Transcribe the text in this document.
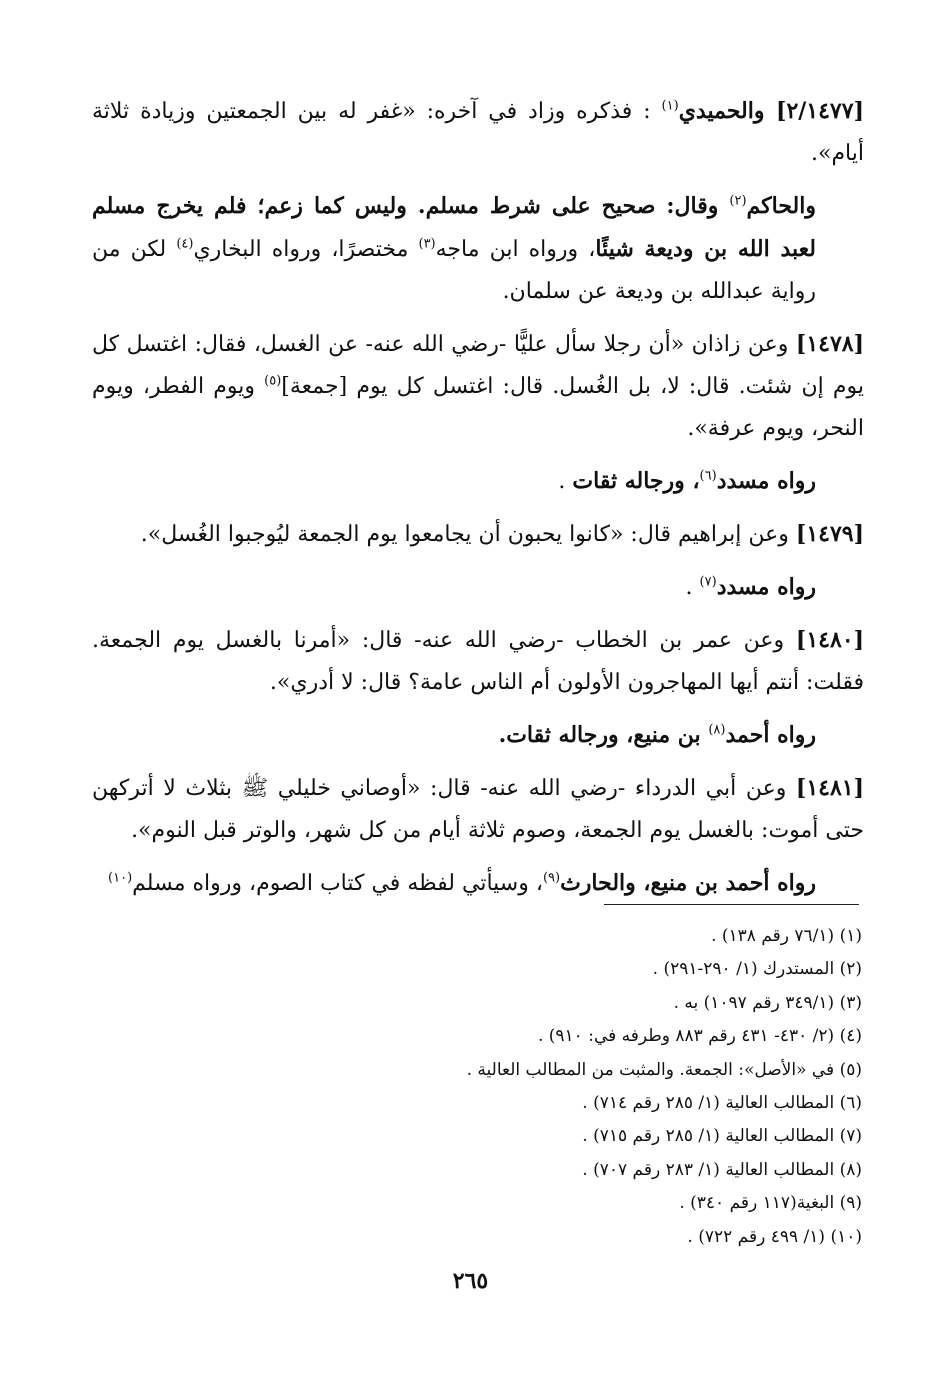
[٢/١٤٧٧] والحميدي$^{(١)}$ : فذكره وزاد في آخره: «غفر له بين الجمعتين وزيادة ثلاثة أيام».
والحاكم$^{(٢)}$ وقال: صحيح على شرط مسلم. وليس كما زعم؛ فلم يخرج مسلم لعبد الله بن وديعة شيئًا، ورواه ابن ماجه$^{(٣)}$ مختصرًا، ورواه البخاري$^{(٤)}$ لكن من رواية عبدالله بن وديعة عن سلمان.
[١٤٧٨] وعن زاذان «أن رجلا سأل عليًّا -رضي الله عنه- عن الغسل، فقال: اغتسل كل يوم إن شئت. قال: لا، بل الغُسل. قال: اغتسل كل يوم [جمعة]$^{(٥)}$ ويوم الفطر، ويوم النحر، ويوم عرفة».
رواه مسدد$^{(٦)}$، ورجاله ثقات .
[١٤٧٩] وعن إبراهيم قال: «كانوا يحبون أن يجامعوا يوم الجمعة ليُوجبوا الغُسل».
رواه مسدد$^{(٧)}$ .
[١٤٨٠] وعن عمر بن الخطاب -رضي الله عنه- قال: «أمرنا بالغسل يوم الجمعة. فقلت: أنتم أيها المهاجرون الأولون أم الناس عامة؟ قال: لا أدري».
رواه أحمد$^{(٨)}$ بن منيع، ورجاله ثقات.
[١٤٨١] وعن أبي الدرداء -رضي الله عنه- قال: «أوصاني خليلي ﷺ بثلاث لا أتركهن حتى أموت: بالغسل يوم الجمعة، وصوم ثلاثة أيام من كل شهر، والوتر قبل النوم».
رواه أحمد بن منيع، والحارث$^{(٩)}$، وسيأتي لفظه في كتاب الصوم، ورواه مسلم$^{(١٠)}$
(١) (٧٦/١ رقم ١٣٨) .
(٢) المستدرك (١/ ٢٩٠-٢٩١) .
(٣) (٣٤٩/١ رقم ١٠٩٧) به .
(٤) (٢/ ٤٣٠- ٤٣١ رقم ٨٨٣ وطرفه في: ٩١٠) .
(٥) في «الأصل»: الجمعة. والمثبت من المطالب العالية .
(٦) المطالب العالية (١/ ٢٨٥ رقم ٧١٤) .
(٧) المطالب العالية (١/ ٢٨٥ رقم ٧١٥) .
(٨) المطالب العالية (١/ ٢٨٣ رقم ٧٠٧) .
(٩) البغية(١١٧ رقم ٣٤٠) .
(١٠) (١/ ٤٩٩ رقم ٧٢٢) .
٢٦٥
